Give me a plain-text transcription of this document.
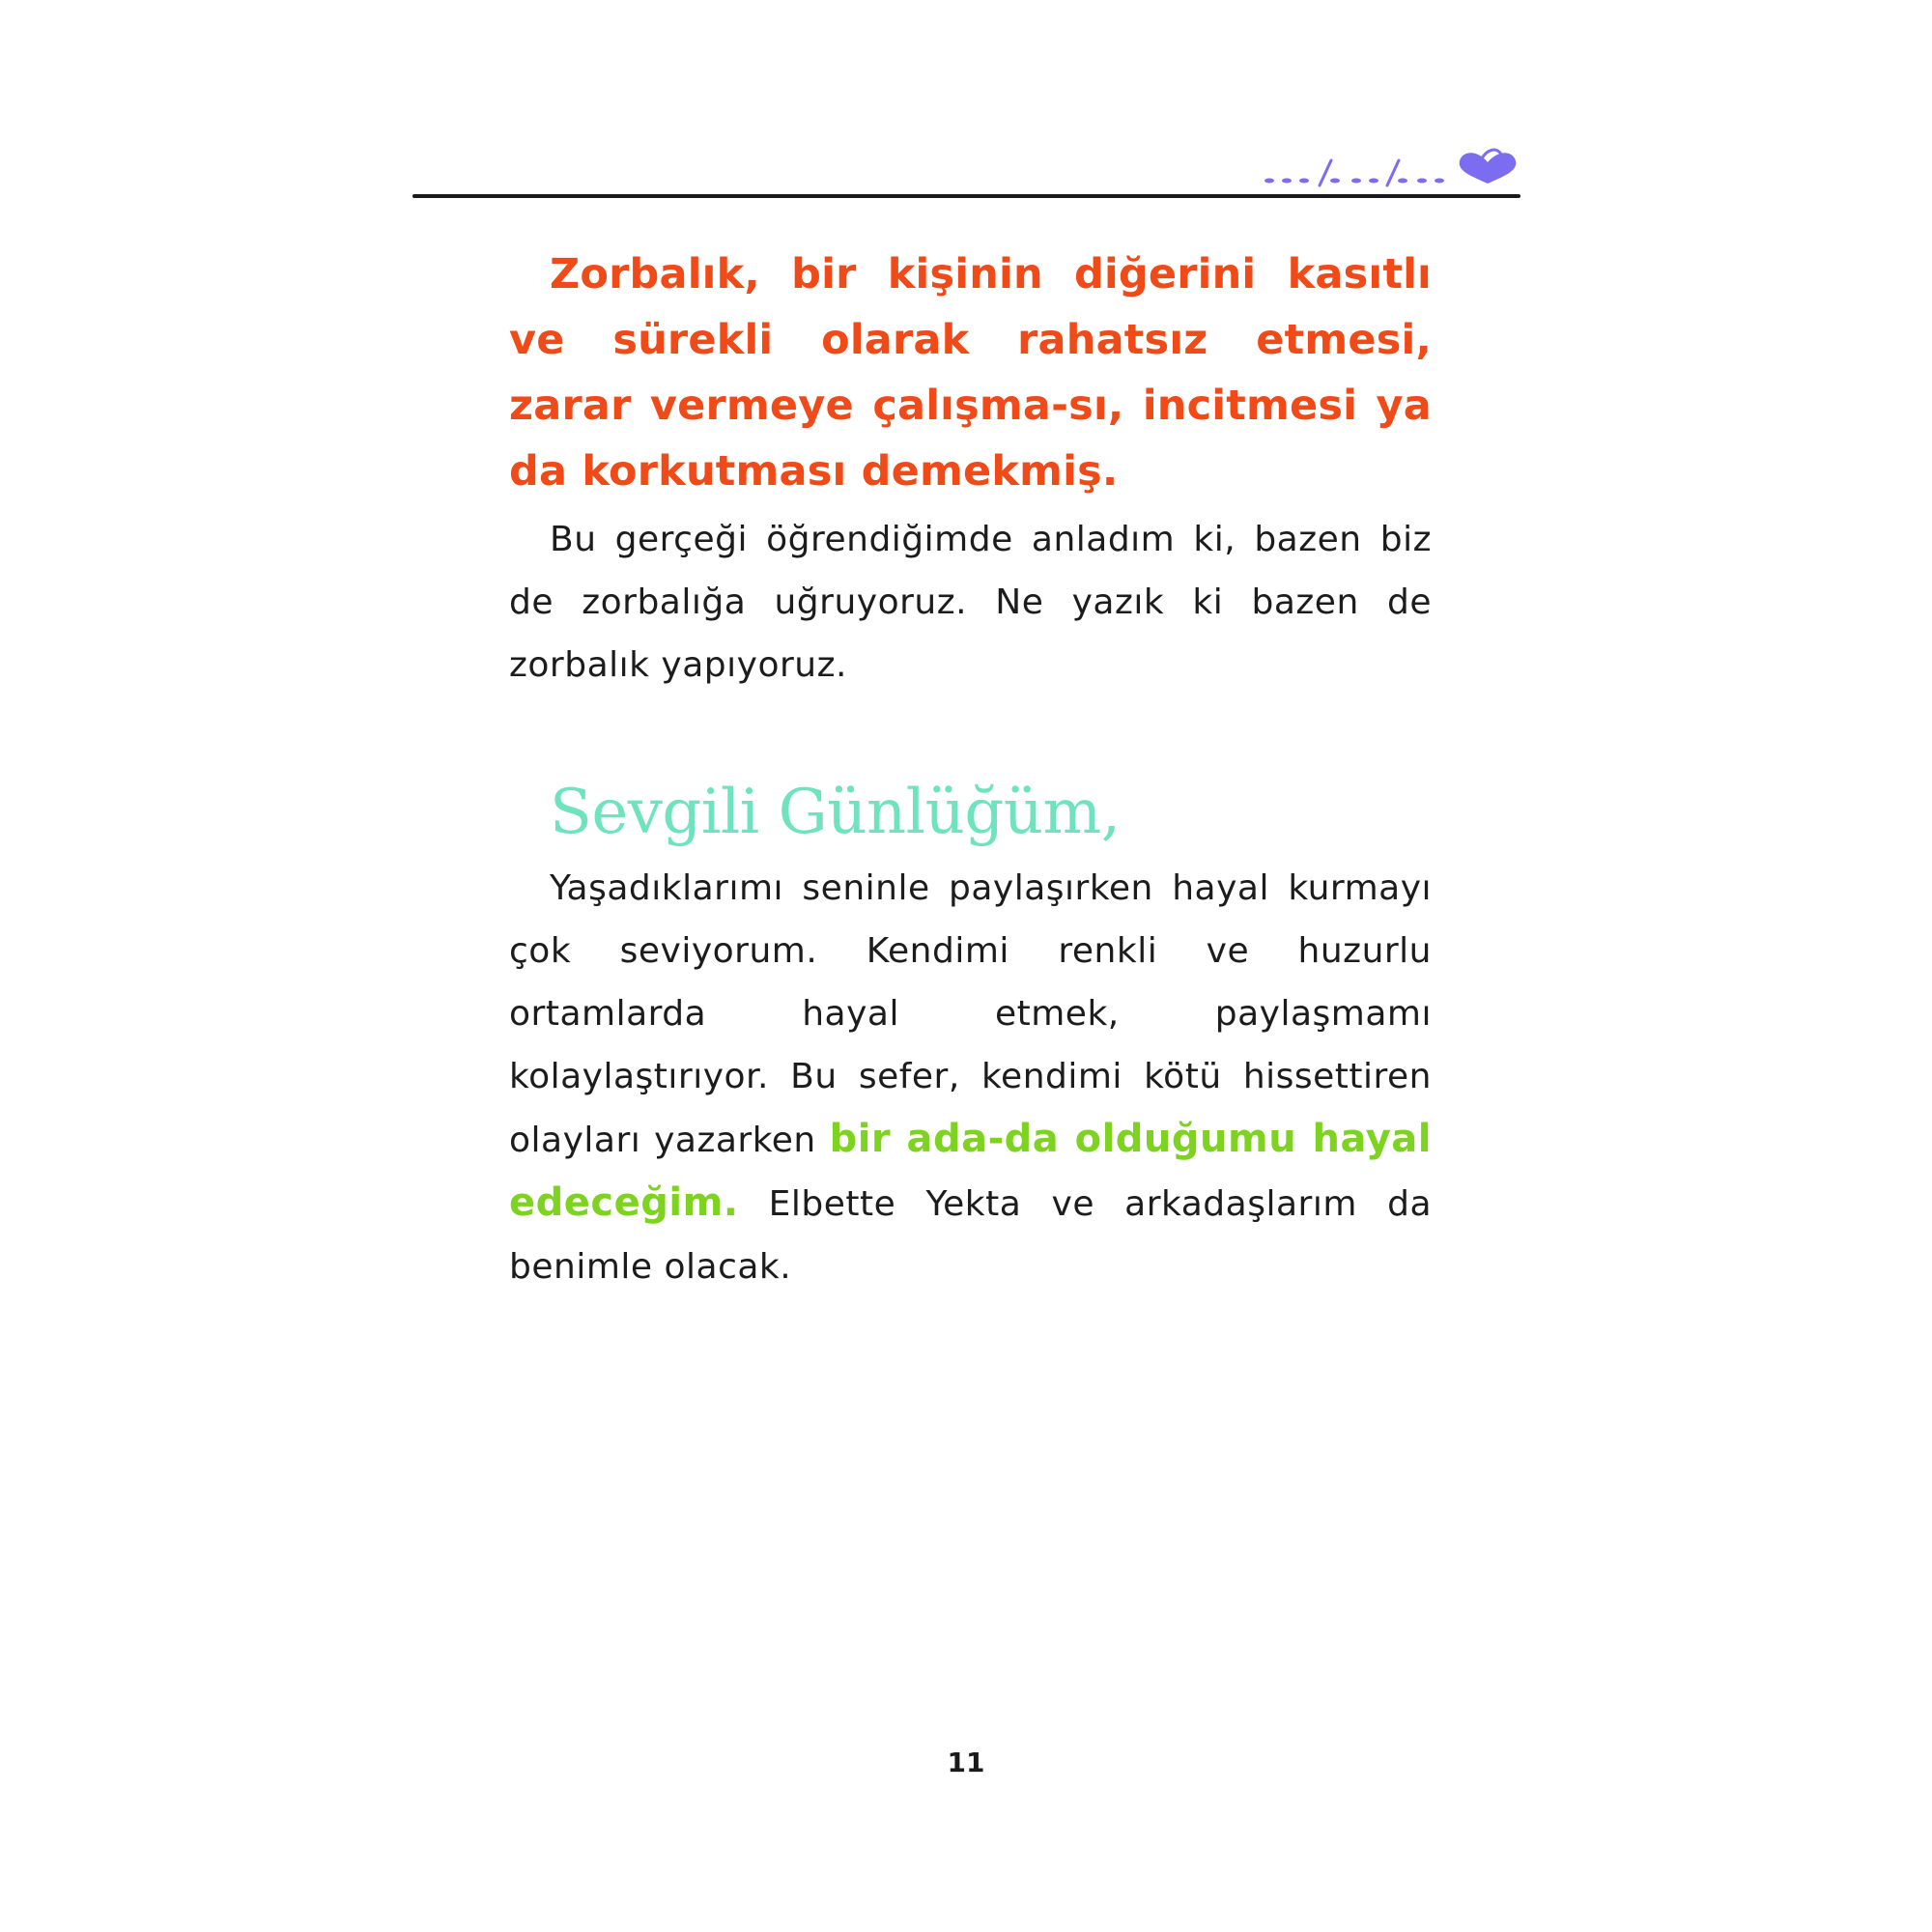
Zorbalık, bir kişinin diğerini kasıtlı ve sürekli olarak rahatsız etmesi, zarar vermeye çalışma-sı, incitmesi ya da korkutması demekmiş.

Bu gerçeği öğrendiğimde anladım ki, bazen biz de zorbalığa uğruyoruz. Ne yazık ki bazen de zorbalık yapıyoruz.

Sevgili Günlüğüm,

Yaşadıklarımı seninle paylaşırken hayal kurmayı çok seviyorum. Kendimi renkli ve huzurlu ortamlarda hayal etmek, paylaşmamı kolaylaştırıyor. Bu sefer, kendimi kötü hissettiren olayları yazarken bir ada-da olduğumu hayal edeceğim. Elbette Yekta ve arkadaşlarım da benimle olacak.

11
